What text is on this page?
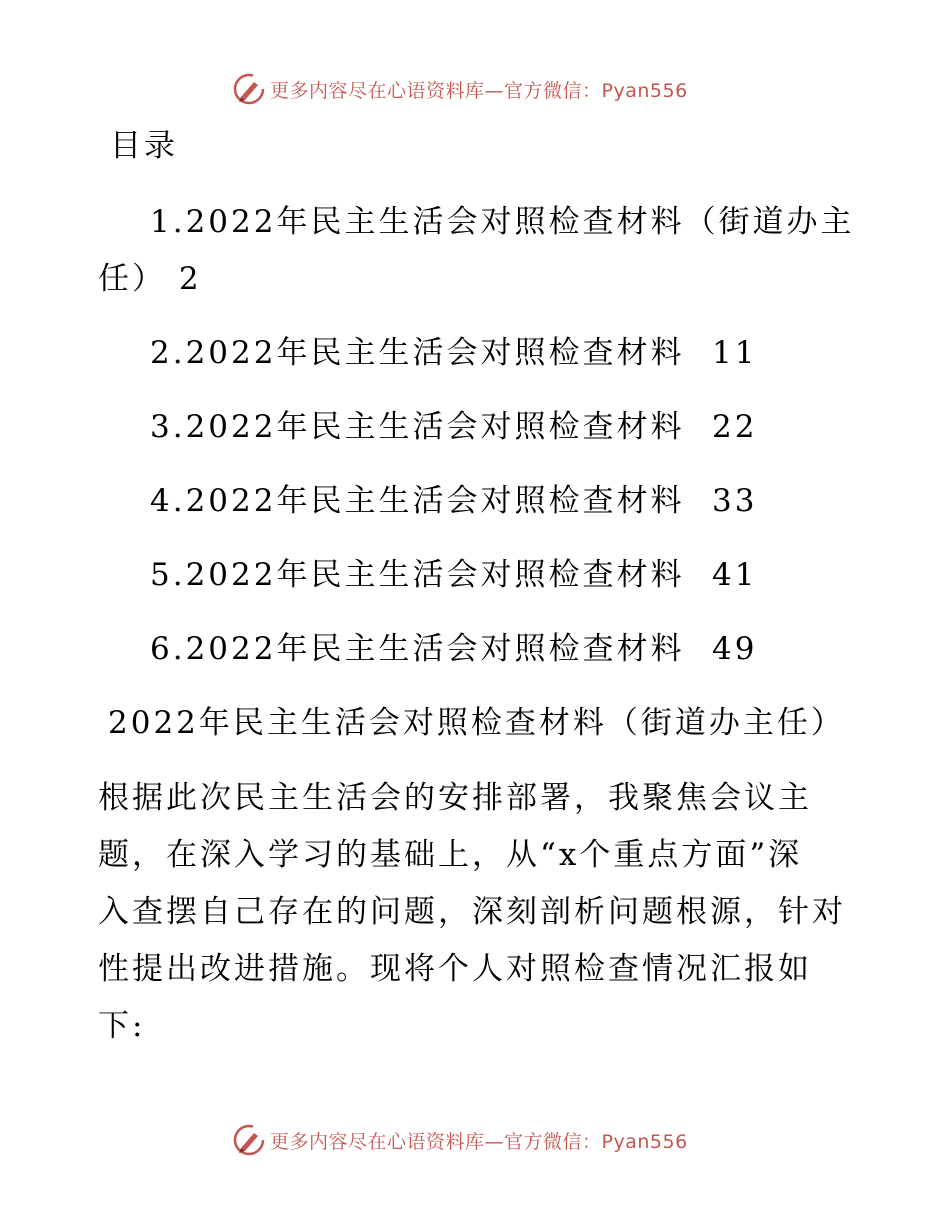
更多内容尽在心语资料库—官方微信：Pyan556
目录
1.2022年民主生活会对照检查材料（街道办主
任） 2
2.2022年民主生活会对照检查材料 11
3.2022年民主生活会对照检查材料 22
4.2022年民主生活会对照检查材料 33
5.2022年民主生活会对照检查材料 41
6.2022年民主生活会对照检查材料 49
2022年民主生活会对照检查材料（街道办主任）
根据此次民主生活会的安排部署，我聚焦会议主
题，在深入学习的基础上，从“x个重点方面”深
入查摆自己存在的问题，深刻剖析问题根源，针对
性提出改进措施。现将个人对照检查情况汇报如
下:
更多内容尽在心语资料库—官方微信：Pyan556
